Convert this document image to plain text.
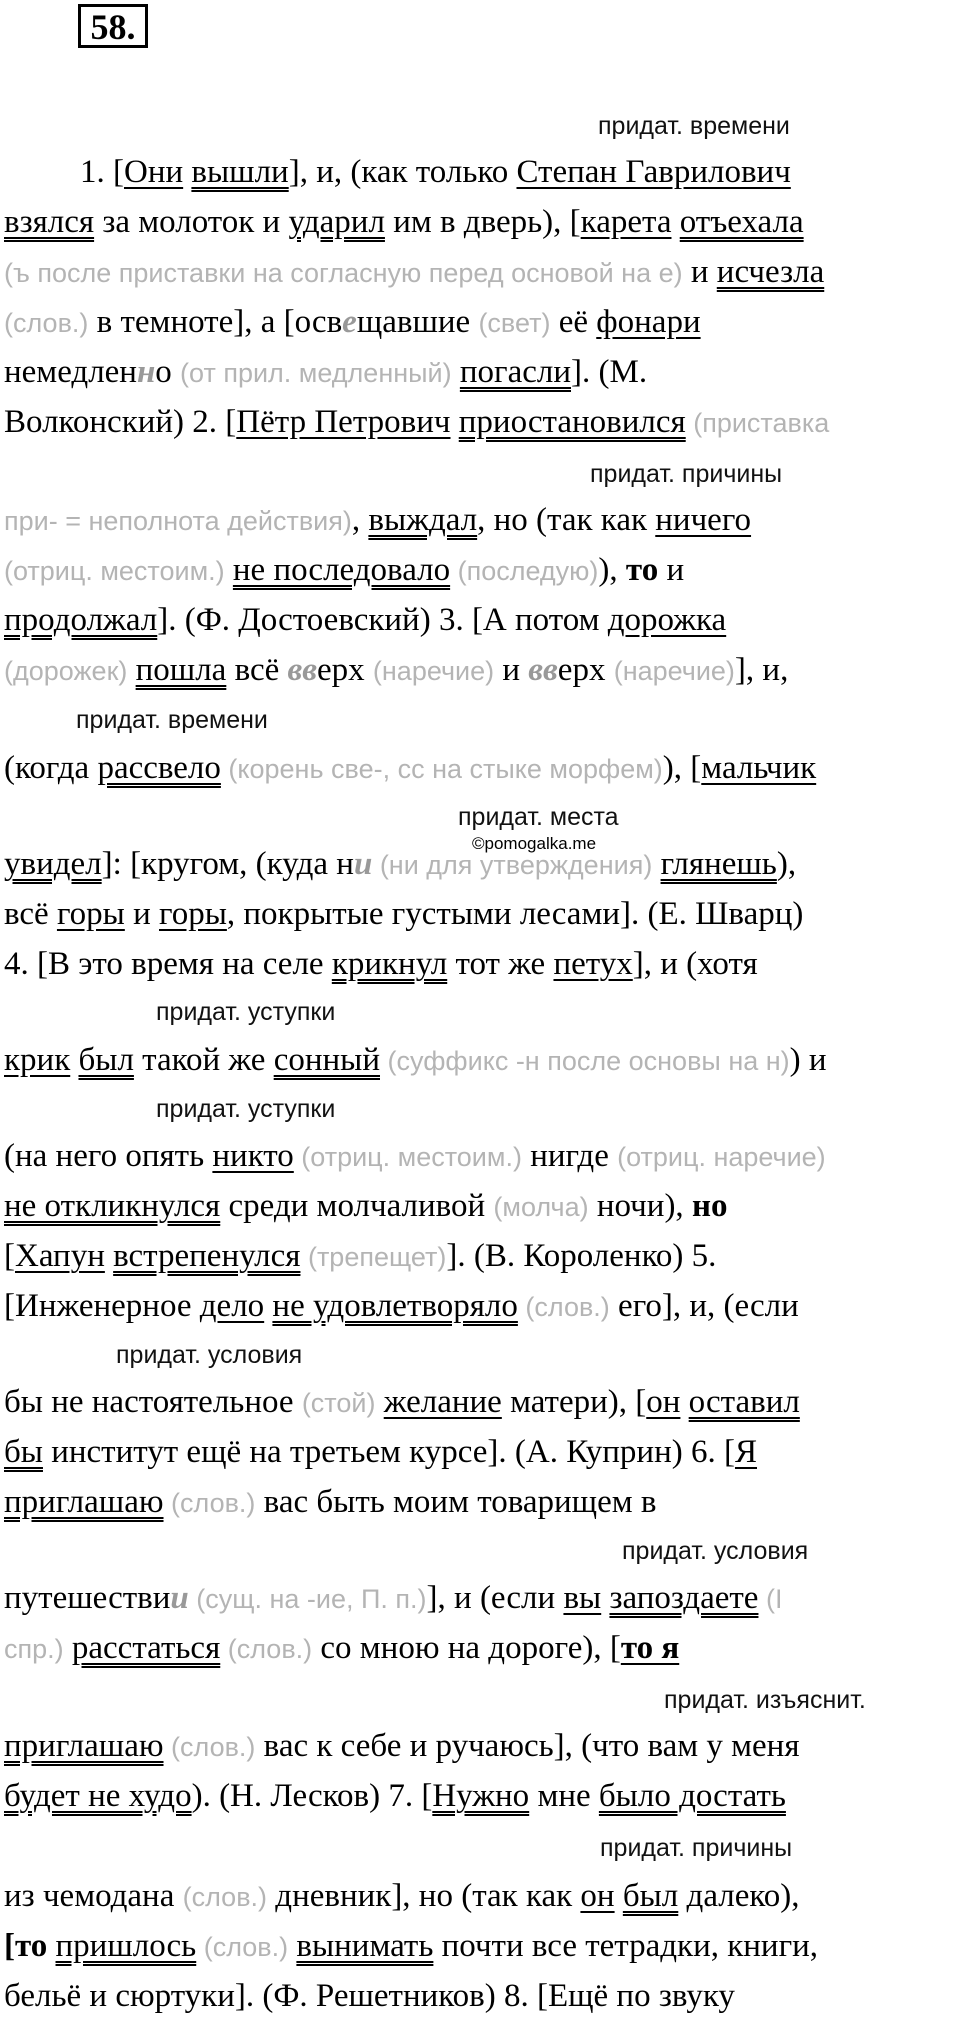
58.
придат. времени
придат. причины
придат. времени
придат. места
придат. уступки
придат. уступки
придат. условия
придат. условия
придат. изъяснит.
придат. причины
©pomogalka.me
1. [Они вышли], и, (как только Степан Гаврилович
взялся за молоток и ударил им в дверь), [карета отъехала
(ъ после приставки на согласную перед основой на е) и исчезла
(слов.) в темноте], а [освещавшие (свет) её фонари
немедленно (от прил. медленный) погасли]. (М.
Волконский) 2. [Пётр Петрович приостановился (приставка
при- = неполнота действия), выждал, но (так как ничего
(отриц. местоим.) не последовало (последую)), то и
продолжал]. (Ф. Достоевский) 3. [А потом дорожка
(дорожек) пошла всё вверх (наречие) и вверх (наречие)], и,
(когда рассвело (корень све-, сс на стыке морфем)), [мальчик
увидел]: [кругом, (куда ни (ни для утверждения) глянешь),
всё горы и горы, покрытые густыми лесами]. (Е. Шварц)
4. [В это время на селе крикнул тот же петух], и (хотя
крик был такой же сонный (суффикс -н после основы на н)) и
(на него опять никто (отриц. местоим.) нигде (отриц. наречие)
не откликнулся среди молчаливой (молча) ночи), но
[Хапун встрепенулся (трепещет)]. (В. Короленко) 5.
[Инженерное дело не удовлетворяло (слов.) его], и, (если
бы не настоятельное (стой) желание матери), [он оставил
бы институт ещё на третьем курсе]. (А. Куприн) 6. [Я
приглашаю (слов.) вас быть моим товарищем в
путешествии (сущ. на -ие, П. п.)], и (если вы запоздаете (I
спр.) расстаться (слов.) со мною на дороге), [то я
приглашаю (слов.) вас к себе и ручаюсь], (что вам у меня
будет не худо). (Н. Лесков) 7. [Нужно мне было достать
из чемодана (слов.) дневник], но (так как он был далеко),
[то пришлось (слов.) вынимать почти все тетрадки, книги,
бельё и сюртуки]. (Ф. Решетников) 8. [Ещё по звуку
